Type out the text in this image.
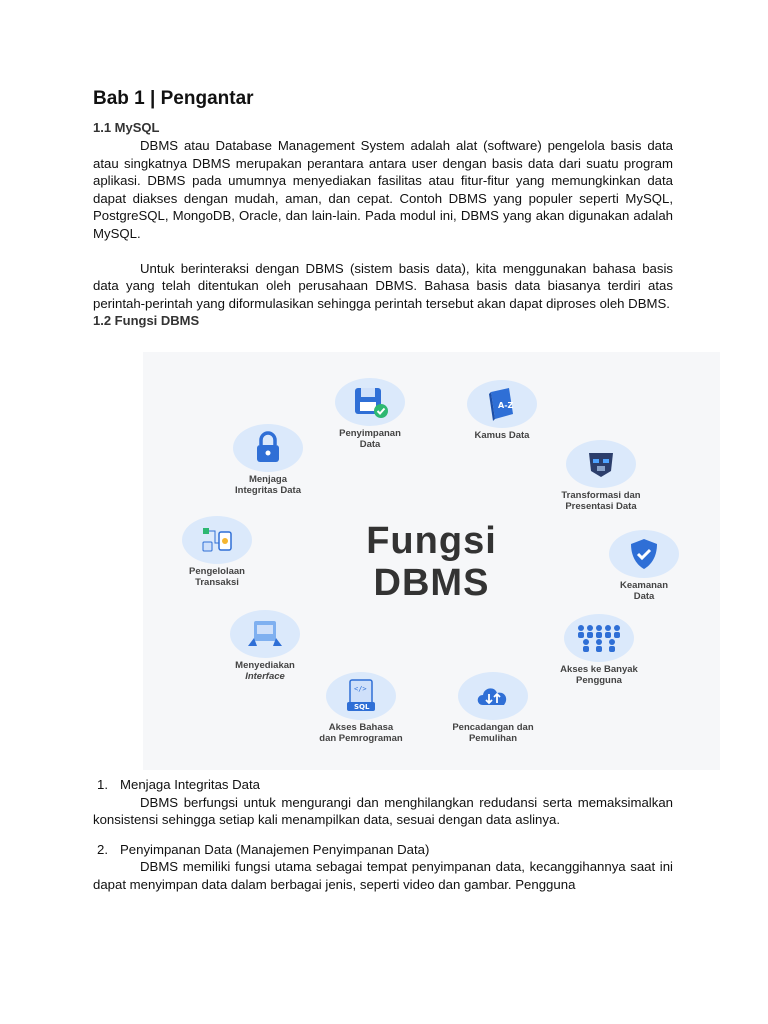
Bab 1 | Pengantar
1.1 MySQL

DBMS atau Database Management System adalah alat (software) pengelola basis data atau singkatnya DBMS merupakan perantara antara user dengan basis data dari suatu program aplikasi. DBMS pada umumnya menyediakan fasilitas atau fitur-fitur yang memungkinkan data dapat diakses dengan mudah, aman, dan cepat. Contoh DBMS yang populer seperti MySQL, PostgreSQL, MongoDB, Oracle, dan lain-lain. Pada modul ini, DBMS yang akan digunakan adalah MySQL.

Untuk berinteraksi dengan DBMS (sistem basis data), kita menggunakan bahasa basis data yang telah ditentukan oleh perusahaan DBMS. Bahasa basis data biasanya terdiri atas perintah-perintah yang diformulasikan sehingga perintah tersebut akan dapat diproses oleh DBMS.

1.2 Fungsi DBMS
Fungsi
DBMS
Penyimpanan
Data
A-Z
Kamus Data
Transformasi dan
Presentasi Data
Keamanan
Data
Akses ke Banyak
Pengguna
Pencadangan dan
Pemulihan
</>
SQL
Akses Bahasa
dan Pemrograman
Menyediakan
Interface
Pengelolaan
Transaksi
Menjaga
Integritas Data
1. Menjaga Integritas Data

DBMS berfungsi untuk mengurangi dan menghilangkan redudansi serta memaksimalkan konsistensi sehingga setiap kali menampilkan data, sesuai dengan data aslinya.

2. Penyimpanan Data (Manajemen Penyimpanan Data)

DBMS memiliki fungsi utama sebagai tempat penyimpanan data, kecanggihannya saat ini dapat menyimpan data dalam berbagai jenis, seperti video dan gambar. Pengguna
